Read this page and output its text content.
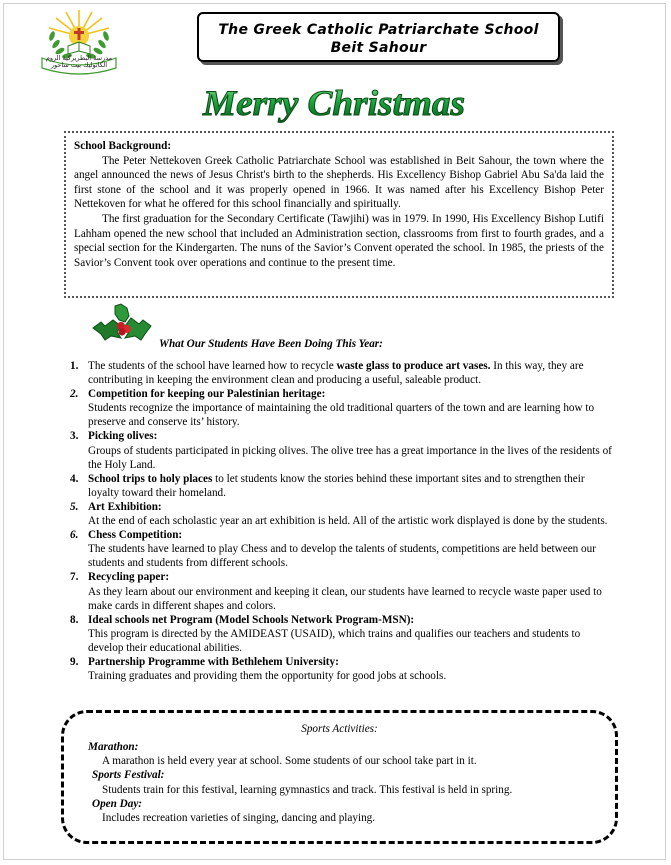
مدرسة البطريركية الروم الكاثوليك بيت ساحور
The Greek Catholic Patriarchate School
Beit Sahour
Merry Christmas
School Background:

The Peter Nettekoven Greek Catholic Patriarchate School was established in Beit Sahour, the town where the angel announced the news of Jesus Christ's birth to the shepherds. His Excellency Bishop Gabriel Abu Sa'da laid the first stone of the school and it was properly opened in 1966. It was named after his Excellency Bishop Peter Nettekoven for what he offered for this school financially and spiritually.

The first graduation for the Secondary Certificate (Tawjihi) was in 1979. In 1990, His Excellency Bishop Lutifi Lahham opened the new school that included an Administration section, classrooms from first to fourth grades, and a special section for the Kindergarten. The nuns of the Savior’s Convent operated the school. In 1985, the priests of the Savior’s Convent took over operations and continue to the present time.

What Our Students Have Been Doing This Year:
1. The students of the school have learned how to recycle waste glass to produce art vases. In this way, they are contributing in keeping the environment clean and producing a useful, saleable product.
2. Competition for keeping our Palestinian heritage:
Students recognize the importance of maintaining the old traditional quarters of the town and are learning how to preserve and conserve its’ history.
3. Picking olives:
Groups of students participated in picking olives. The olive tree has a great importance in the lives of the residents of the Holy Land.
4. School trips to holy places to let students know the stories behind these important sites and to strengthen their loyalty toward their homeland.
5. Art Exhibition:
At the end of each scholastic year an art exhibition is held. All of the artistic work displayed is done by the students.
6. Chess Competition:
The students have learned to play Chess and to develop the talents of students, competitions are held between our students and students from different schools.
7. Recycling paper:
As they learn about our environment and keeping it clean, our students have learned to recycle waste paper used to make cards in different shapes and colors.
8. Ideal schools net Program (Model Schools Network Program-MSN):
This program is directed by the AMIDEAST (USAID), which trains and qualifies our teachers and students to develop their educational abilities.
9. Partnership Programme with Bethlehem University:
Training graduates and providing them the opportunity for good jobs at schools.
Sports Activities:
Marathon:
A marathon is held every year at school. Some students of our school take part in it.
Sports Festival:
Students train for this festival, learning gymnastics and track. This festival is held in spring.
Open Day:
Includes recreation varieties of singing, dancing and playing.
